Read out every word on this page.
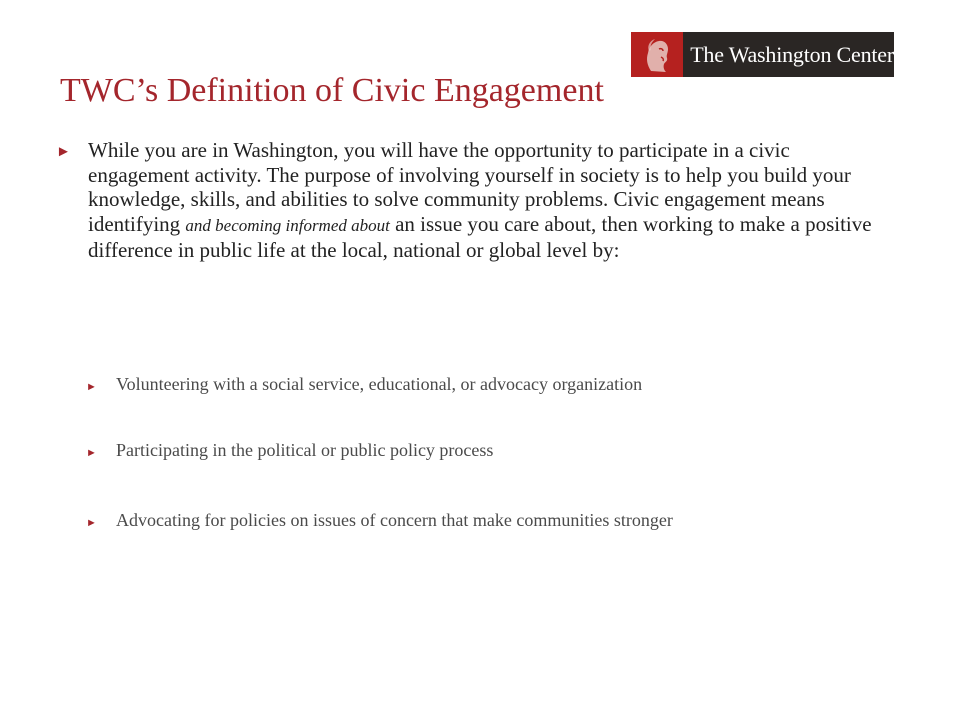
The Washington Center
TWC’s Definition of Civic Engagement
► While you are in Washington, you will have the opportunity to participate in a civic engagement activity. The purpose of involving yourself in society is to help you build your knowledge, skills, and abilities to solve community problems. Civic engagement means identifying and becoming informed about an issue you care about, then working to make a positive difference in public life at the local, national or global level by:
►	Volunteering with a social service, educational, or advocacy organization
►	Participating in the political or public policy process
►	Advocating for policies on issues of concern that make communities stronger
